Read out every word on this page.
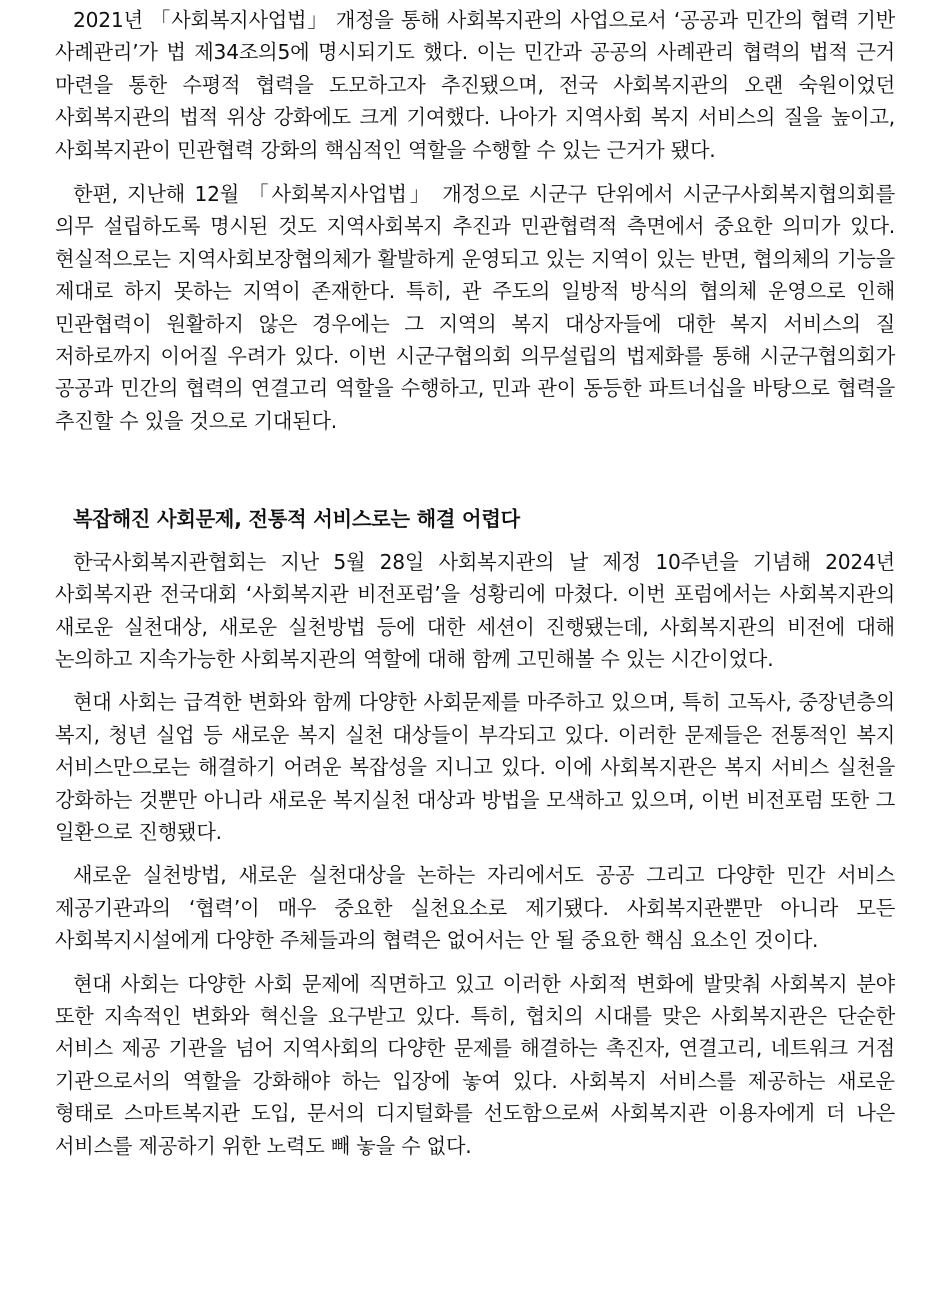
2021년 「사회복지사업법」 개정을 통해 사회복지관의 사업으로서 ‘공공과 민간의 협력 기반 사례관리’가 법 제34조의5에 명시되기도 했다. 이는 민간과 공공의 사례관리 협력의 법적 근거 마련을 통한 수평적 협력을 도모하고자 추진됐으며, 전국 사회복지관의 오랜 숙원이었던 사회복지관의 법적 위상 강화에도 크게 기여했다. 나아가 지역사회 복지 서비스의 질을 높이고, 사회복지관이 민관협력 강화의 핵심적인 역할을 수행할 수 있는 근거가 됐다.

한편, 지난해 12월 「사회복지사업법」 개정으로 시군구 단위에서 시군구사회복지협의회를 의무 설립하도록 명시된 것도 지역사회복지 추진과 민관협력적 측면에서 중요한 의미가 있다. 현실적으로는 지역사회보장협의체가 활발하게 운영되고 있는 지역이 있는 반면, 협의체의 기능을 제대로 하지 못하는 지역이 존재한다. 특히, 관 주도의 일방적 방식의 협의체 운영으로 인해 민관협력이 원활하지 않은 경우에는 그 지역의 복지 대상자들에 대한 복지 서비스의 질 저하로까지 이어질 우려가 있다. 이번 시군구협의회 의무설립의 법제화를 통해 시군구협의회가 공공과 민간의 협력의 연결고리 역할을 수행하고, 민과 관이 동등한 파트너십을 바탕으로 협력을 추진할 수 있을 것으로 기대된다.

복잡해진 사회문제, 전통적 서비스로는 해결 어렵다

한국사회복지관협회는 지난 5월 28일 사회복지관의 날 제정 10주년을 기념해 2024년 사회복지관 전국대회 ‘사회복지관 비전포럼’을 성황리에 마쳤다. 이번 포럼에서는 사회복지관의 새로운 실천대상, 새로운 실천방법 등에 대한 세션이 진행됐는데, 사회복지관의 비전에 대해 논의하고 지속가능한 사회복지관의 역할에 대해 함께 고민해볼 수 있는 시간이었다.

현대 사회는 급격한 변화와 함께 다양한 사회문제를 마주하고 있으며, 특히 고독사, 중장년층의 복지, 청년 실업 등 새로운 복지 실천 대상들이 부각되고 있다. 이러한 문제들은 전통적인 복지 서비스만으로는 해결하기 어려운 복잡성을 지니고 있다. 이에 사회복지관은 복지 서비스 실천을 강화하는 것뿐만 아니라 새로운 복지실천 대상과 방법을 모색하고 있으며, 이번 비전포럼 또한 그 일환으로 진행됐다.

새로운 실천방법, 새로운 실천대상을 논하는 자리에서도 공공 그리고 다양한 민간 서비스 제공기관과의 ‘협력’이 매우 중요한 실천요소로 제기됐다. 사회복지관뿐만 아니라 모든 사회복지시설에게 다양한 주체들과의 협력은 없어서는 안 될 중요한 핵심 요소인 것이다.

현대 사회는 다양한 사회 문제에 직면하고 있고 이러한 사회적 변화에 발맞춰 사회복지 분야 또한 지속적인 변화와 혁신을 요구받고 있다. 특히, 협치의 시대를 맞은 사회복지관은 단순한 서비스 제공 기관을 넘어 지역사회의 다양한 문제를 해결하는 촉진자, 연결고리, 네트워크 거점 기관으로서의 역할을 강화해야 하는 입장에 놓여 있다. 사회복지 서비스를 제공하는 새로운 형태로 스마트복지관 도입, 문서의 디지털화를 선도함으로써 사회복지관 이용자에게 더 나은 서비스를 제공하기 위한 노력도 빼 놓을 수 없다.
